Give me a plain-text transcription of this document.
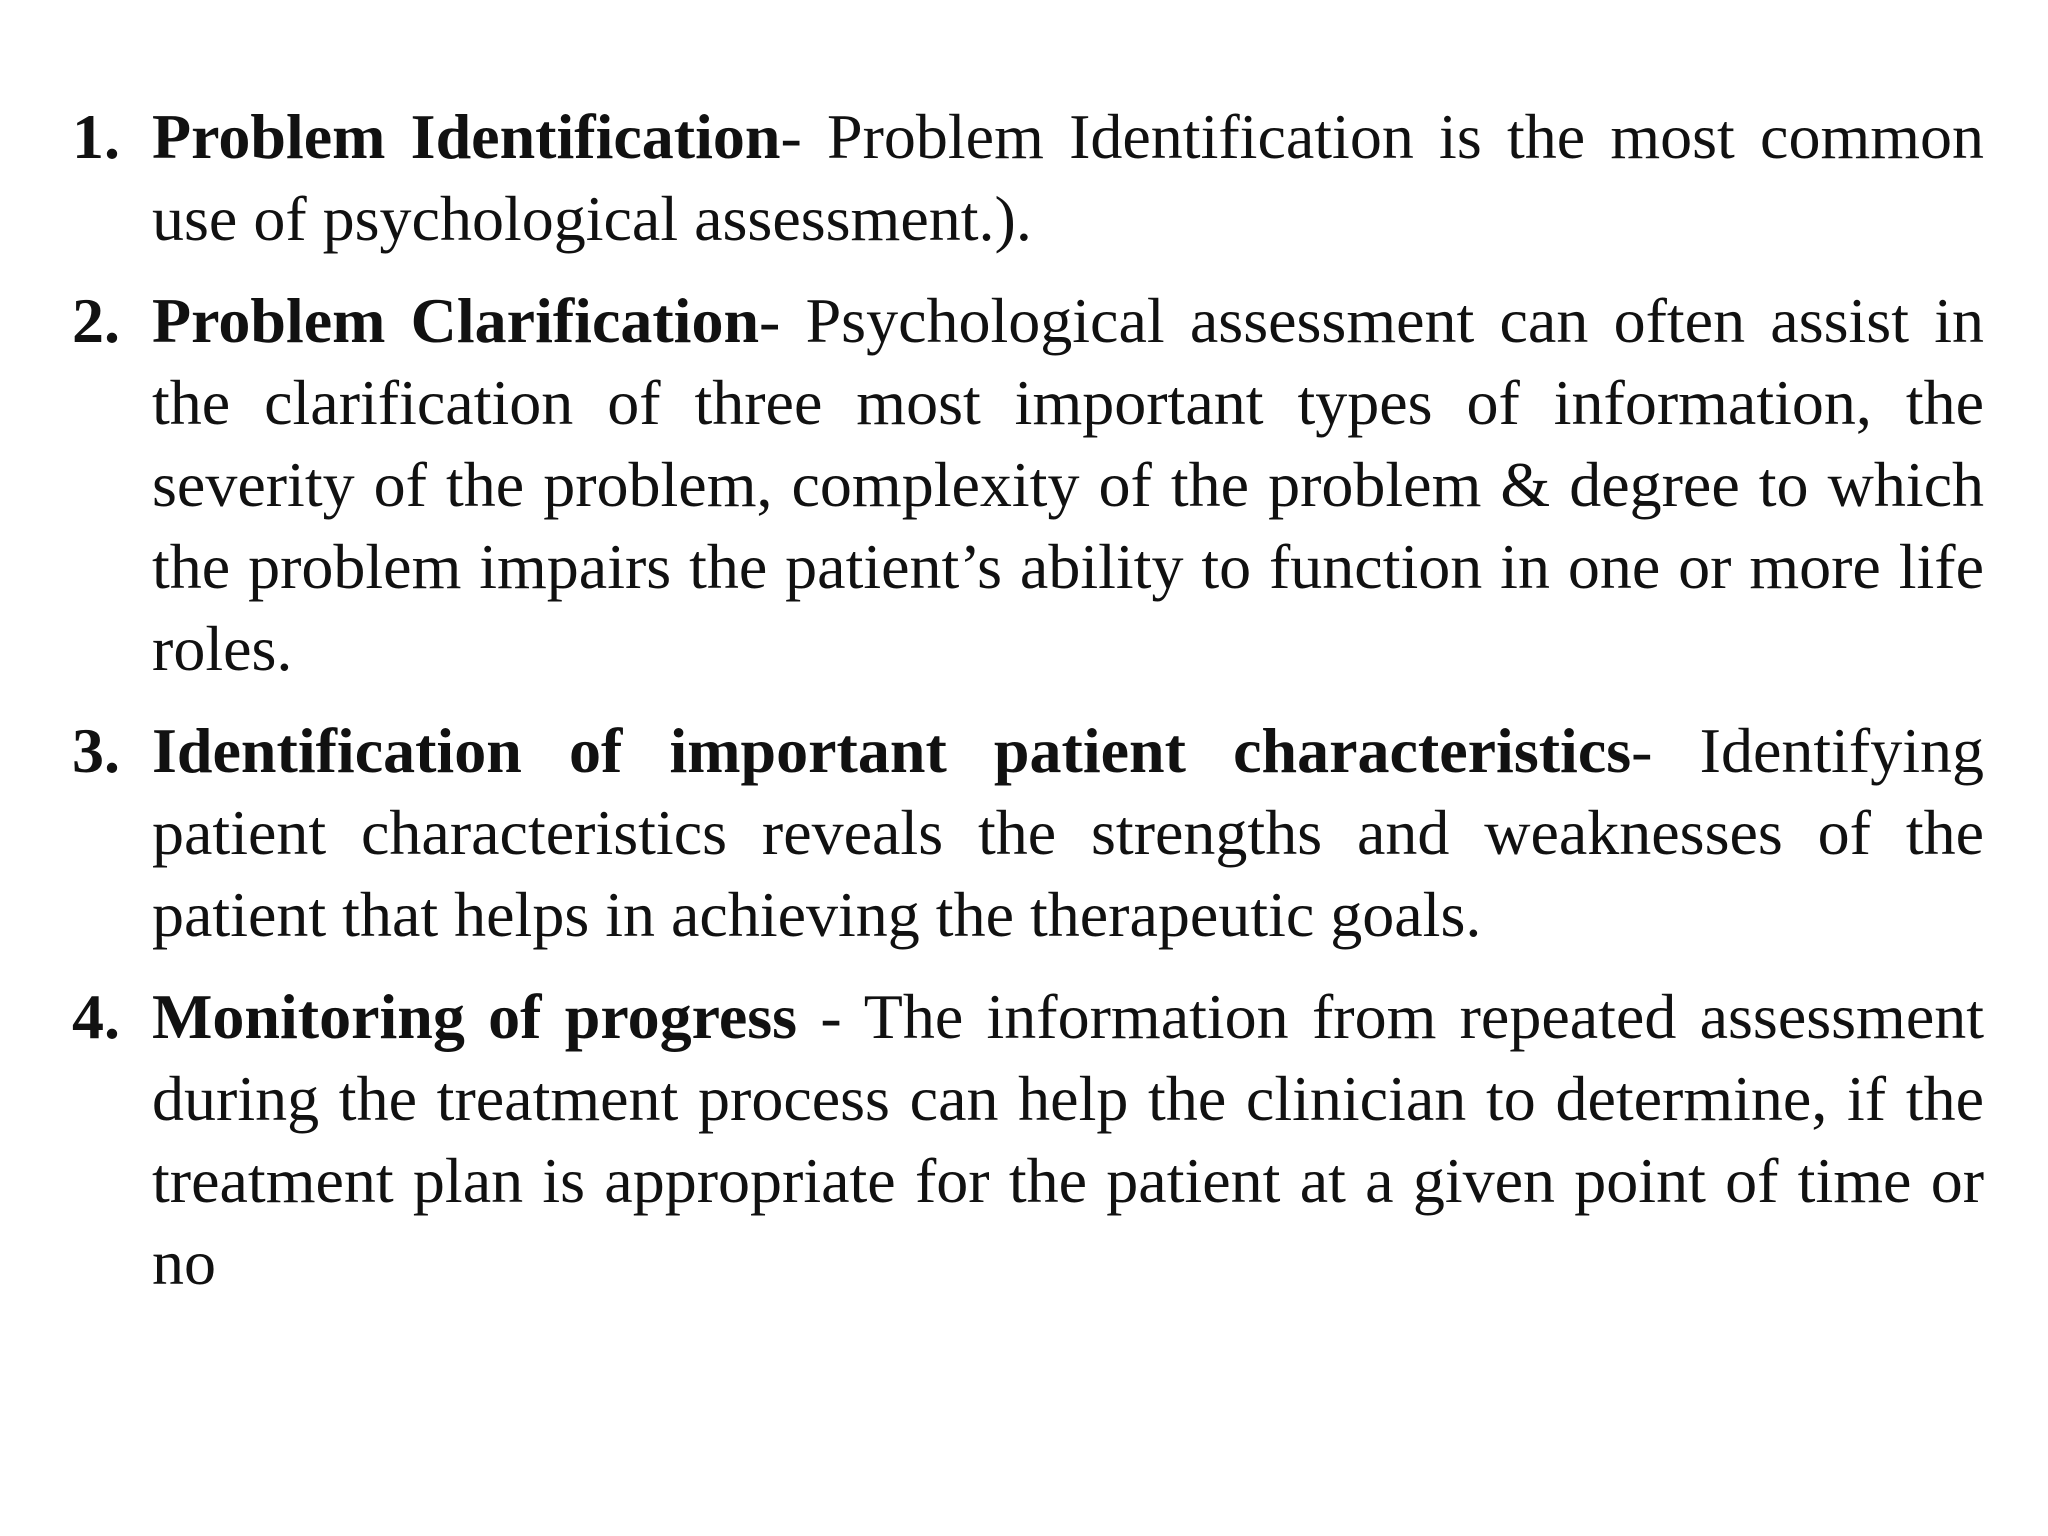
1. Problem Identification- Problem Identification is the most common use of psychological assessment.).
2. Problem Clarification- Psychological assessment can often assist in the clarification of three most important types of information, the severity of the problem, complexity of the problem & degree to which the problem impairs the patient’s ability to function in one or more life roles.
3. Identification of important patient characteristics- Identifying patient characteristics reveals the strengths and weaknesses of the patient that helps in achieving the therapeutic goals.
4. Monitoring of progress - The information from repeated assessment during the treatment process can help the clinician to determine, if the treatment plan is appropriate for the patient at a given point of time or no
